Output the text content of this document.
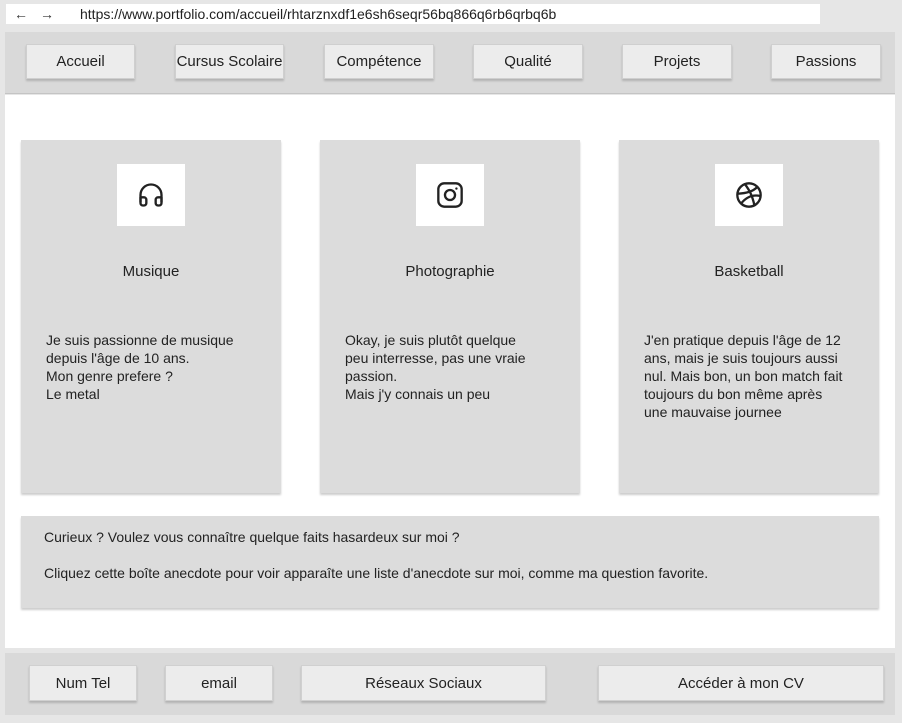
← → https://www.portfolio.com/accueil/rhtarznxdf1e6sh6seqr56bq866q6rb6qrbq6b
Accueil	Cursus Scolaire	Compétence	Qualité	Projets	Passions
Musique
Je suis passionne de musique
depuis l'âge de 10 ans.
Mon genre prefere ?
Le metal
Photographie
Okay, je suis plutôt quelque
peu interresse, pas une vraie
passion.
Mais j'y connais un peu
Basketball
J'en pratique depuis l'âge de 12
ans, mais je suis toujours aussi
nul. Mais bon, un bon match fait
toujours du bon même après
une mauvaise journee
Curieux ? Voulez vous connaître quelque faits hasardeux sur moi ?
Cliquez cette boîte anecdote pour voir apparaîte une liste d'anecdote sur moi, comme ma question favorite.
Num Tel	email	Réseaux Sociaux	Accéder à mon CV
